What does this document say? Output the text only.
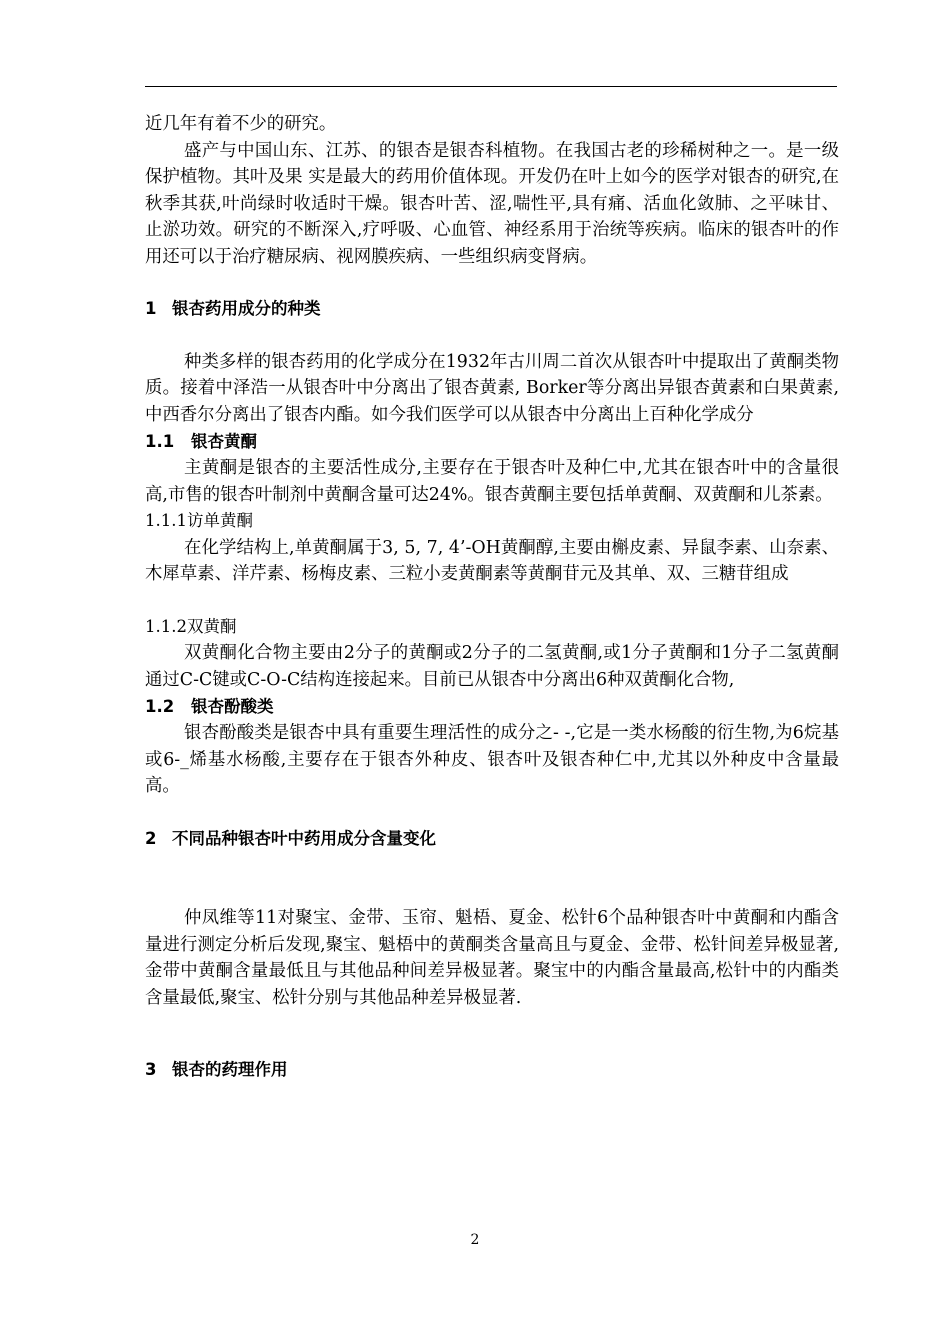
近几年有着不少的研究。

盛产与中国山东、江苏、的银杏是银杏科植物。在我国古老的珍稀树种之一。是一级保护植物。其叶及果 实是最大的药用价值体现。开发仍在叶上如今的医学对银杏的研究,在秋季其获,叶尚绿时收适时干燥。银杏叶苦、涩,喘性平,具有痛、活血化敛肺、之平味甘、止淤功效。研究的不断深入,疗呼吸、心血管、神经系用于治统等疾病。临床的银杏叶的作用还可以于治疗糖尿病、视网膜疾病、一些组织病变肾病。

1 银杏药用成分的种类

种类多样的银杏药用的化学成分在1932年古川周二首次从银杏叶中提取出了黄酮类物质。接着中泽浩一从银杏叶中分离出了银杏黄素, Borker等分离出异银杏黄素和白果黄素,中西香尔分离出了银杏内酯。如今我们医学可以从银杏中分离出上百种化学成分

1.1 银杏黄酮

主黄酮是银杏的主要活性成分,主要存在于银杏叶及种仁中,尤其在银杏叶中的含量很高,市售的银杏叶制剂中黄酮含量可达24%。银杏黄酮主要包括单黄酮、双黄酮和儿茶素。

1.1.1访单黄酮

在化学结构上,单黄酮属于3, 5, 7, 4’-OH黄酮醇,主要由槲皮素、异鼠李素、山奈素、木犀草素、洋芹素、杨梅皮素、三粒小麦黄酮素等黄酮苷元及其单、双、三糖苷组成

1.1.2双黄酮

双黄酮化合物主要由2分子的黄酮或2分子的二氢黄酮,或1分子黄酮和1分子二氢黄酮通过C-C键或C-O-C结构连接起来。目前已从银杏中分离出6种双黄酮化合物,

1.2 银杏酚酸类

银杏酚酸类是银杏中具有重要生理活性的成分之- -,它是一类水杨酸的衍生物,为6烷基或6-_烯基水杨酸,主要存在于银杏外种皮、银杏叶及银杏种仁中,尤其以外种皮中含量最高。

2 不同品种银杏叶中药用成分含量变化

仲凤维等11对聚宝、金带、玉帘、魁梧、夏金、松针6个品种银杏叶中黄酮和内酯含量进行测定分析后发现,聚宝、魁梧中的黄酮类含量高且与夏金、金带、松针间差异极显著,金带中黄酮含量最低且与其他品种间差异极显著。聚宝中的内酯含量最高,松针中的内酯类含量最低,聚宝、松针分别与其他品种差异极显著.

3 银杏的药理作用
2
